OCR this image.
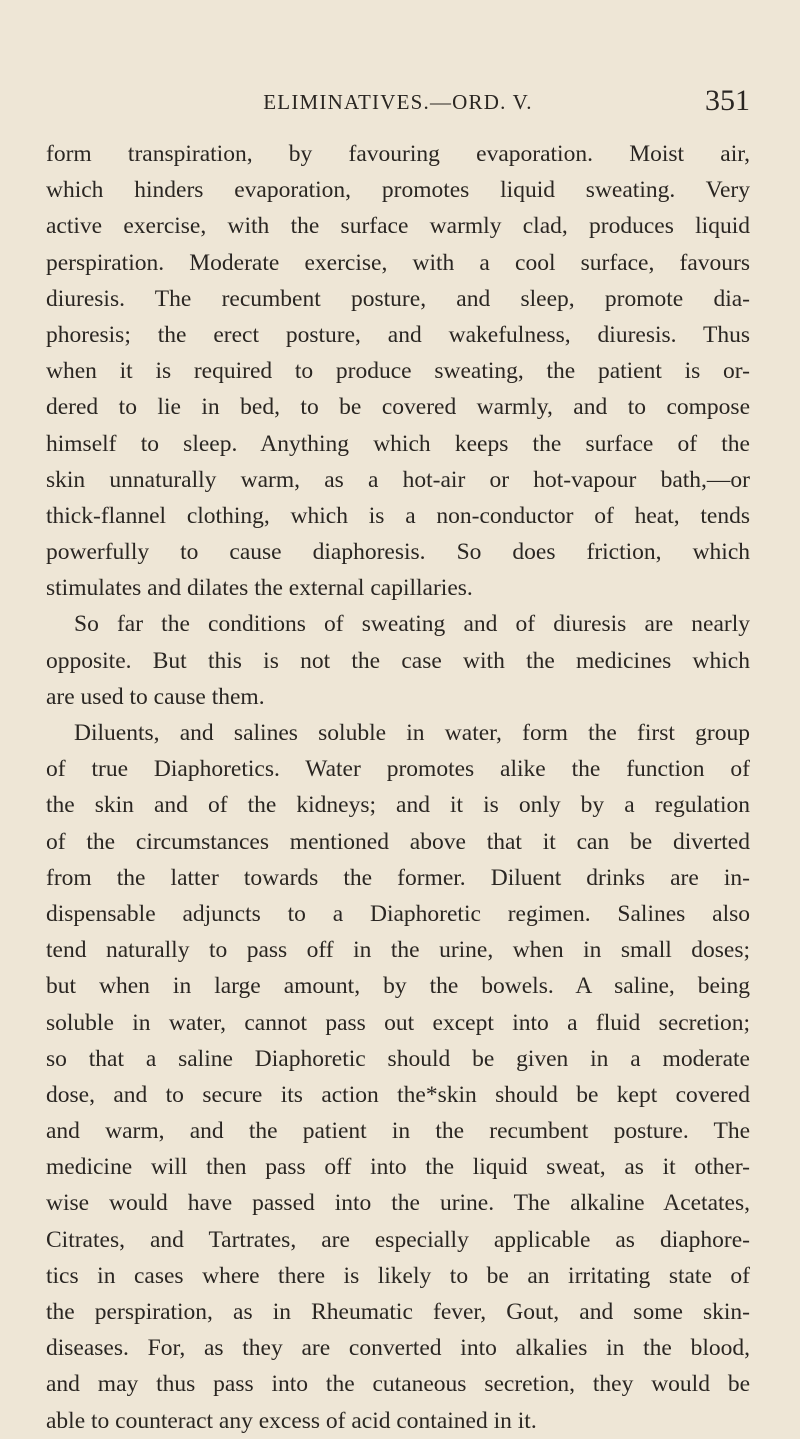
ELIMINATIVES.—ORD. V.	351
form transpiration, by favouring evaporation. Moist air,
which hinders evaporation, promotes liquid sweating. Very
active exercise, with the surface warmly clad, produces liquid
perspiration. Moderate exercise, with a cool surface, favours
diuresis. The recumbent posture, and sleep, promote dia-
phoresis; the erect posture, and wakefulness, diuresis. Thus
when it is required to produce sweating, the patient is or-
dered to lie in bed, to be covered warmly, and to compose
himself to sleep. Anything which keeps the surface of the
skin unnaturally warm, as a hot-air or hot-vapour bath,—or
thick-flannel clothing, which is a non-conductor of heat, tends
powerfully to cause diaphoresis. So does friction, which
stimulates and dilates the external capillaries.
So far the conditions of sweating and of diuresis are nearly
opposite. But this is not the case with the medicines which
are used to cause them.
Diluents, and salines soluble in water, form the first group
of true Diaphoretics. Water promotes alike the function of
the skin and of the kidneys; and it is only by a regulation
of the circumstances mentioned above that it can be diverted
from the latter towards the former. Diluent drinks are in-
dispensable adjuncts to a Diaphoretic regimen. Salines also
tend naturally to pass off in the urine, when in small doses;
but when in large amount, by the bowels. A saline, being
soluble in water, cannot pass out except into a fluid secretion;
so that a saline Diaphoretic should be given in a moderate
dose, and to secure its action the*skin should be kept covered
and warm, and the patient in the recumbent posture. The
medicine will then pass off into the liquid sweat, as it other-
wise would have passed into the urine. The alkaline Acetates,
Citrates, and Tartrates, are especially applicable as diaphore-
tics in cases where there is likely to be an irritating state of
the perspiration, as in Rheumatic fever, Gout, and some skin-
diseases. For, as they are converted into alkalies in the blood,
and may thus pass into the cutaneous secretion, they would be
able to counteract any excess of acid contained in it.
